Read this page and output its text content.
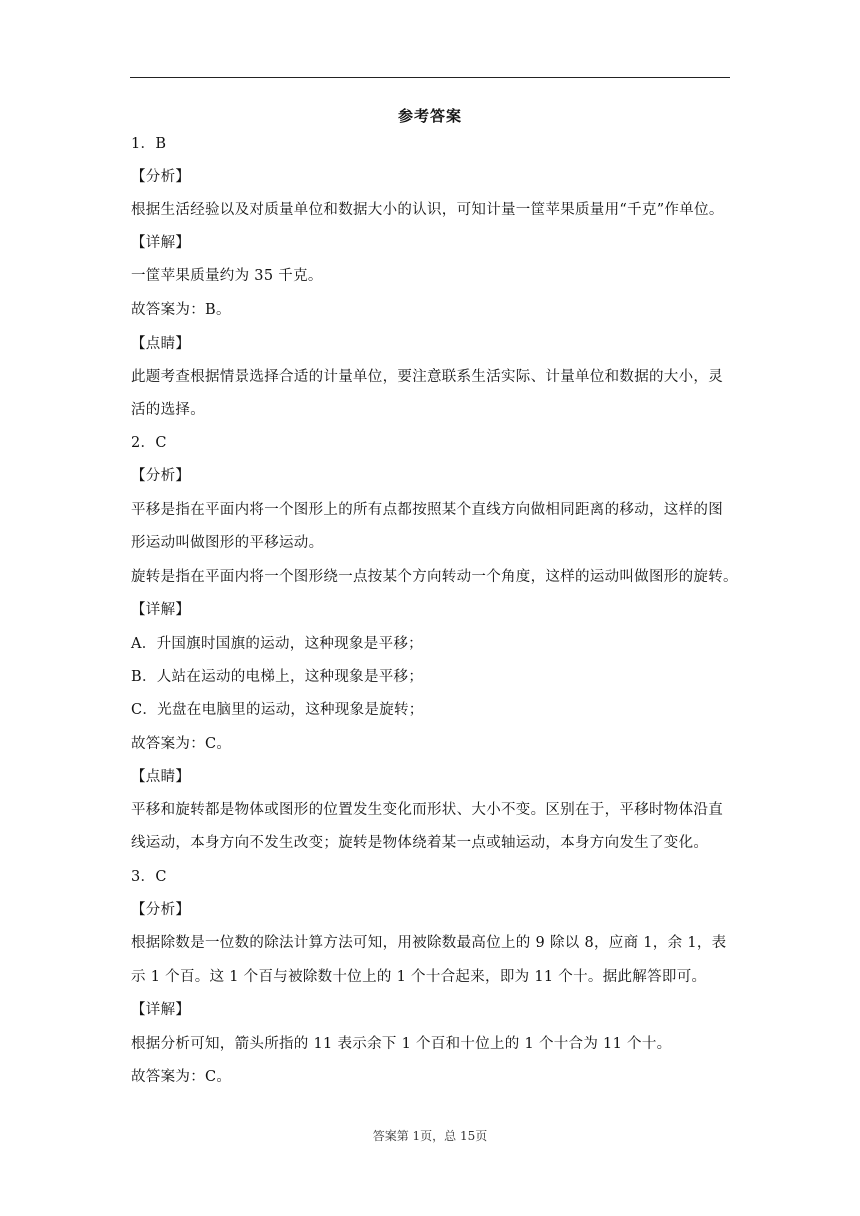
参考答案
1．B
【分析】
根据生活经验以及对质量单位和数据大小的认识，可知计量一筐苹果质量用“千克”作单位。
【详解】
一筐苹果质量约为 35 千克。
故答案为：B。
【点睛】
此题考查根据情景选择合适的计量单位，要注意联系生活实际、计量单位和数据的大小，灵
活的选择。
2．C
【分析】
平移是指在平面内将一个图形上的所有点都按照某个直线方向做相同距离的移动，这样的图
形运动叫做图形的平移运动。
旋转是指在平面内将一个图形绕一点按某个方向转动一个角度，这样的运动叫做图形的旋转。
【详解】
A．升国旗时国旗的运动，这种现象是平移；
B．人站在运动的电梯上，这种现象是平移；
C．光盘在电脑里的运动，这种现象是旋转；
故答案为：C。
【点睛】
平移和旋转都是物体或图形的位置发生变化而形状、大小不变。区别在于，平移时物体沿直
线运动，本身方向不发生改变；旋转是物体绕着某一点或轴运动，本身方向发生了变化。
3．C
【分析】
根据除数是一位数的除法计算方法可知，用被除数最高位上的 9 除以 8，应商 1，余 1，表
示 1 个百。这 1 个百与被除数十位上的 1 个十合起来，即为 11 个十。据此解答即可。
【详解】
根据分析可知，箭头所指的 11 表示余下 1 个百和十位上的 1 个十合为 11 个十。
故答案为：C。
答案第 1页，总 15页
